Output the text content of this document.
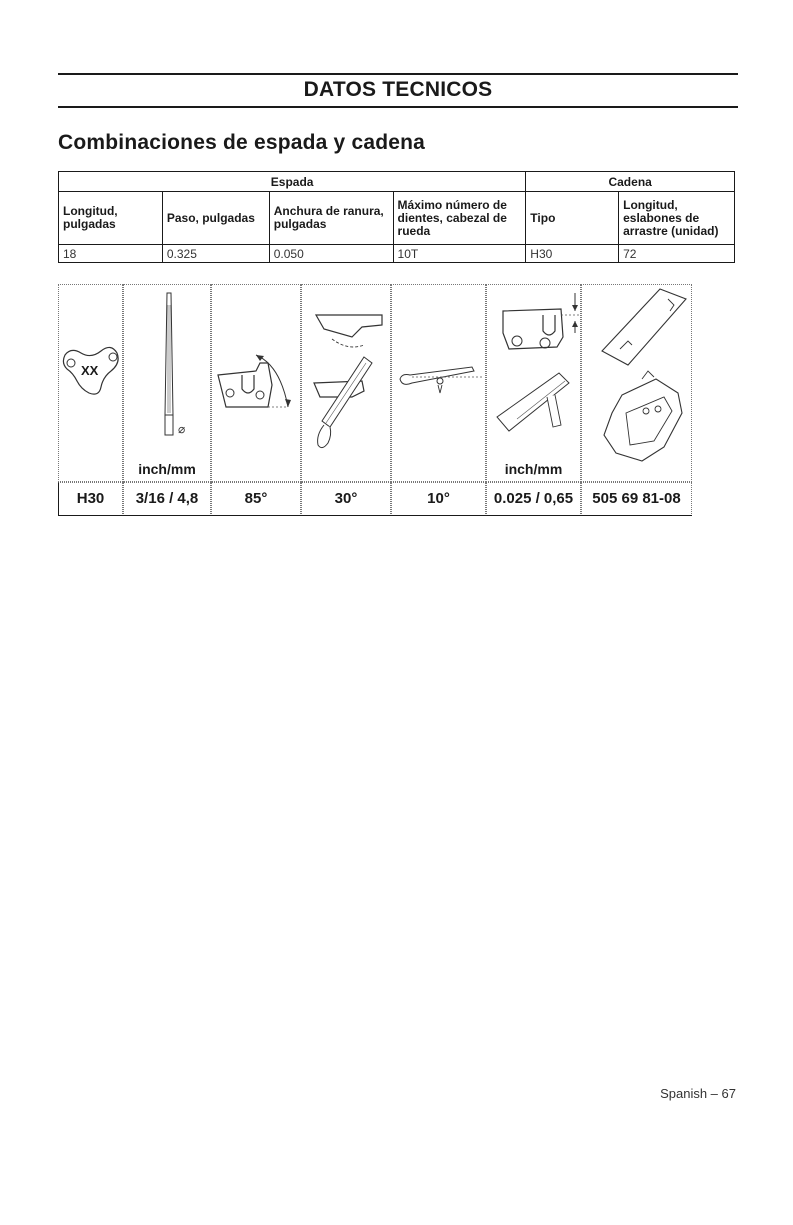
DATOS TECNICOS
Combinaciones de espada y cadena
Espada				Cadena	
Longitud, pulgadas	Paso, pulgadas	Anchura de ranura, pulgadas	Máximo número de dientes, cabezal de rueda	Tipo	Longitud, eslabones de arrastre (unidad)
18	0.325	0.050	10T	H30	72
XX
⌀
inch/mm	inch/mm
H30	3/16 / 4,8	85°	30°	10°	0.025 / 0,65	505 69 81-08
Spanish – 67
